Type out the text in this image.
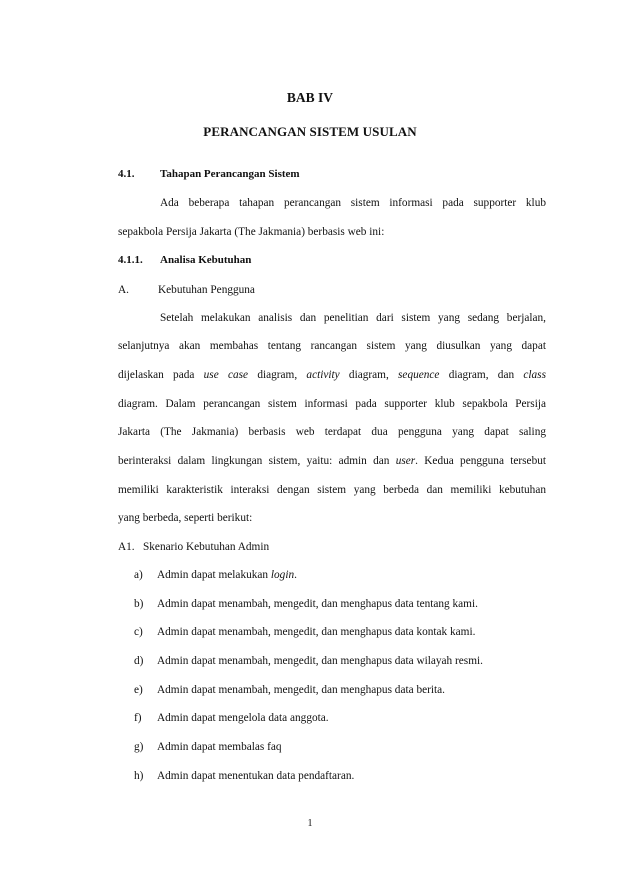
BAB IV
PERANCANGAN SISTEM USULAN
4.1. Tahapan Perancangan Sistem
Ada beberapa tahapan perancangan sistem informasi pada supporter klub
sepakbola Persija Jakarta (The Jakmania) berbasis web ini:
4.1.1. Analisa Kebutuhan
A.	Kebutuhan Pengguna
Setelah melakukan analisis dan penelitian dari sistem yang sedang berjalan,
selanjutnya akan membahas tentang rancangan sistem yang diusulkan yang dapat
dijelaskan pada use case diagram, activity diagram, sequence diagram, dan class
diagram. Dalam perancangan sistem informasi pada supporter klub sepakbola Persija
Jakarta (The Jakmania) berbasis web terdapat dua pengguna yang dapat saling
berinteraksi dalam lingkungan sistem, yaitu: admin dan user. Kedua pengguna tersebut
memiliki karakteristik interaksi dengan sistem yang berbeda dan memiliki kebutuhan
yang berbeda, seperti berikut:
A1. Skenario Kebutuhan Admin
a) Admin dapat melakukan login.
b) Admin dapat menambah, mengedit, dan menghapus data tentang kami.
c) Admin dapat menambah, mengedit, dan menghapus data kontak kami.
d) Admin dapat menambah, mengedit, dan menghapus data wilayah resmi.
e) Admin dapat menambah, mengedit, dan menghapus data berita.
f) Admin dapat mengelola data anggota.
g) Admin dapat membalas faq
h) Admin dapat menentukan data pendaftaran.
1
